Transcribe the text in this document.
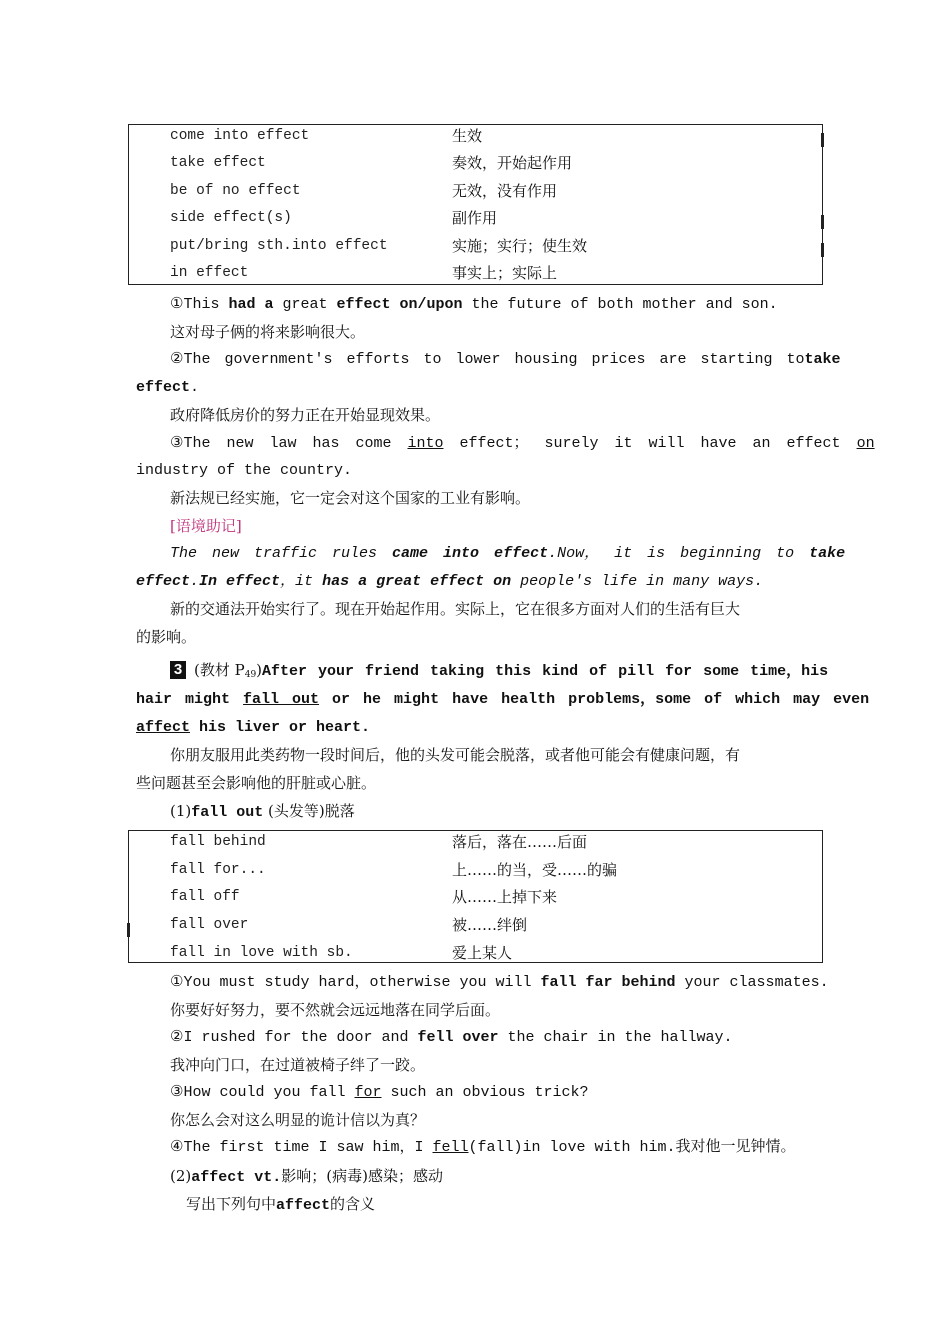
come into effect	生效
take effect	奏效，开始起作用
be of no effect	无效，没有作用
side effect(s)	副作用
put/bring sth.into effect	实施；实行；使生效
in effect	事实上；实际上
①This had a great effect on/upon the future of both mother and son.
这对母子俩的将来影响很大。
②The government's efforts to lower housing prices are starting to take
effect.
政府降低房价的努力正在开始显现效果。
③The new law has come into effect； surely it will have an effect on
industry of the country.
新法规已经实施，它一定会对这个国家的工业有影响。
[语境助记]
The new traffic rules came into effect.Now， it is beginning to take
effect.In effect，it has a great effect on people's life in many ways.
新的交通法开始实行了。现在开始起作用。实际上，它在很多方面对人们的生活有巨大
的影响。
3 (教材 $P_{49})After$ your friend taking this kind of pill for some time，his
hair might fall out or he might have health problems，some of which may even
affect his liver or heart.
你朋友服用此类药物一段时间后，他的头发可能会脱落，或者他可能会有健康问题，有
些问题甚至会影响他的肝脏或心脏。
(1)fall out (头发等)脱落
fall behind	落后，落在……后面
fall for...	上……的当，受……的骗
fall off	从……上掉下来
fall over	被……绊倒
fall in love with sb.	爱上某人
①You must study hard，otherwise you will fall far behind your classmates.
你要好好努力，要不然就会远远地落在同学后面。
②I rushed for the door and fell over the chair in the hallway.
我冲向门口，在过道被椅子绊了一跤。
③How could you fall for such an obvious trick?
你怎么会对这么明显的诡计信以为真？
④The first time I saw him，I fell(fall)in love with him.我对他一见钟情。
(2)affect vt.影响；(病毒)感染；感动
写出下列句中affect的含义
